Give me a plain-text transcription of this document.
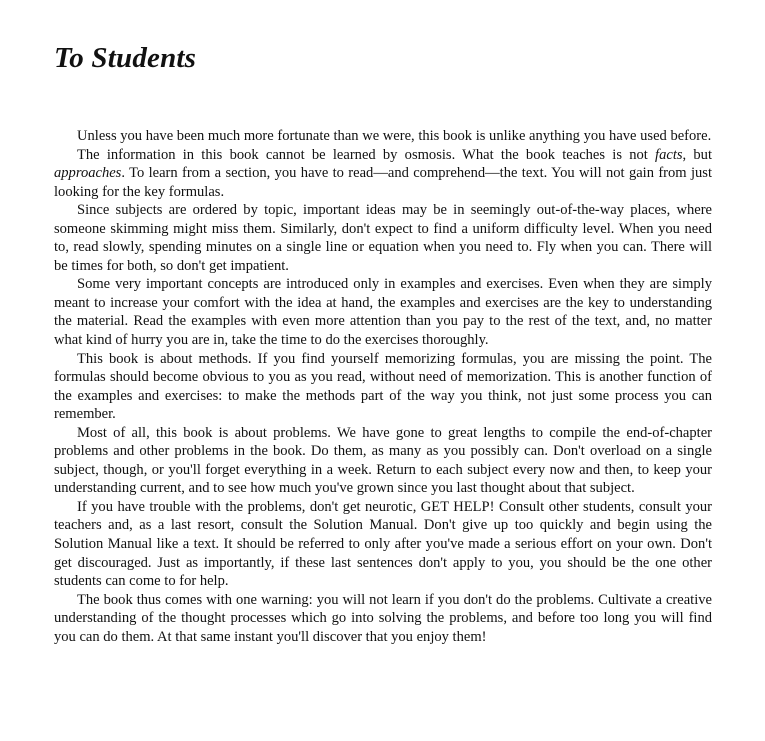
To Students

Unless you have been much more fortunate than we were, this book is unlike anything you have used before.

The information in this book cannot be learned by osmosis. What the book teaches is not facts, but approaches. To learn from a section, you have to read—and comprehend—the text. You will not gain from just looking for the key formulas.

Since subjects are ordered by topic, important ideas may be in seemingly out-of-the-way places, where someone skimming might miss them. Similarly, don't expect to find a uniform difficulty level. When you need to, read slowly, spending minutes on a single line or equation when you need to. Fly when you can. There will be times for both, so don't get impatient.

Some very important concepts are introduced only in examples and exercises. Even when they are simply meant to increase your comfort with the idea at hand, the examples and exercises are the key to understanding the material. Read the examples with even more attention than you pay to the rest of the text, and, no matter what kind of hurry you are in, take the time to do the exercises thoroughly.

This book is about methods. If you find yourself memorizing formulas, you are missing the point. The formulas should become obvious to you as you read, without need of memorization. This is another function of the examples and exercises: to make the methods part of the way you think, not just some process you can remember.

Most of all, this book is about problems. We have gone to great lengths to compile the end-of-chapter problems and other problems in the book. Do them, as many as you possibly can. Don't overload on a single subject, though, or you'll forget everything in a week. Return to each subject every now and then, to keep your understanding current, and to see how much you've grown since you last thought about that subject.

If you have trouble with the problems, don't get neurotic, GET HELP! Consult other students, consult your teachers and, as a last resort, consult the Solution Manual. Don't give up too quickly and begin using the Solution Manual like a text. It should be referred to only after you've made a serious effort on your own. Don't get discouraged. Just as importantly, if these last sentences don't apply to you, you should be the one other students can come to for help.

The book thus comes with one warning: you will not learn if you don't do the problems. Cultivate a creative understanding of the thought processes which go into solving the problems, and before too long you will find you can do them. At that same instant you'll discover that you enjoy them!
